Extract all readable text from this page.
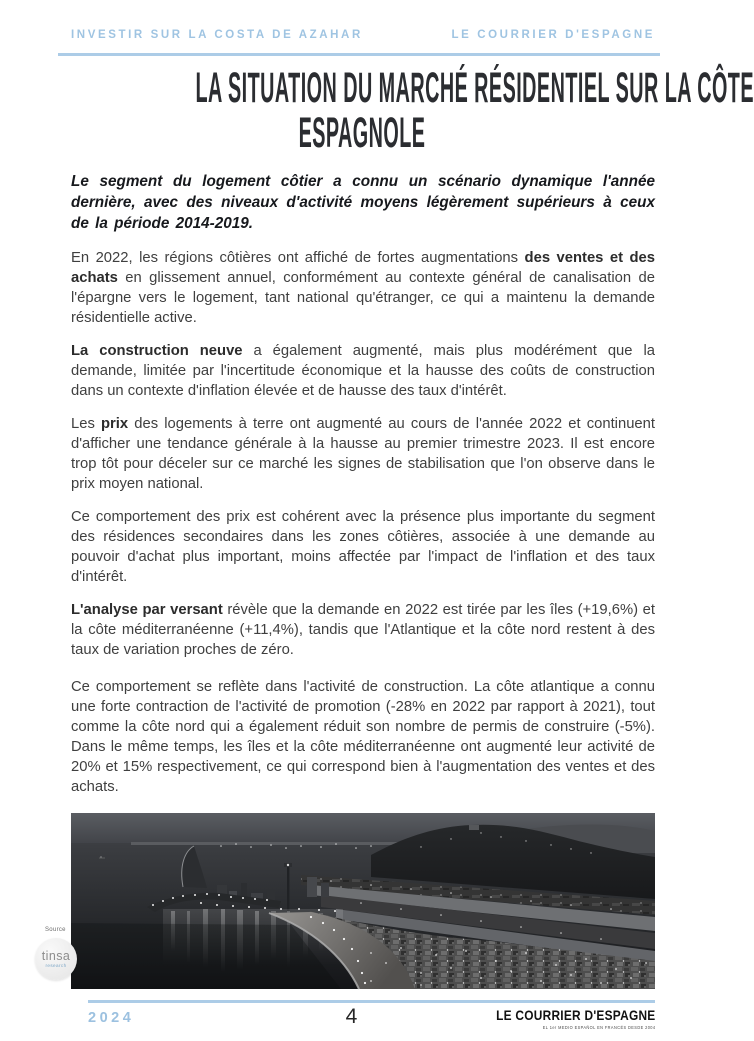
INVESTIR SUR LA COSTA DE AZAHAR	LE COURRIER D'ESPAGNE
LA SITUATION DU MARCHÉ RÉSIDENTIEL SUR LA CÔTE
ESPAGNOLE

Le segment du logement côtier a connu un scénario dynamique l'année dernière, avec des niveaux d'activité moyens légèrement supérieurs à ceux de la période 2014-2019.

En 2022, les régions côtières ont affiché de fortes augmentations des ventes et des achats en glissement annuel, conformément au contexte général de canalisation de l'épargne vers le logement, tant national qu'étranger, ce qui a maintenu la demande résidentielle active.

La construction neuve a également augmenté, mais plus modérément que la demande, limitée par l'incertitude économique et la hausse des coûts de construction dans un contexte d'inflation élevée et de hausse des taux d'intérêt.

Les prix des logements à terre ont augmenté au cours de l'année 2022 et continuent d'afficher une tendance générale à la hausse au premier trimestre 2023. Il est encore trop tôt pour déceler sur ce marché les signes de stabilisation que l'on observe dans le prix moyen national.

Ce comportement des prix est cohérent avec la présence plus importante du segment des résidences secondaires dans les zones côtières, associée à une demande au pouvoir d'achat plus important, moins affectée par l'impact de l'inflation et des taux d'intérêt.

L'analyse par versant révèle que la demande en 2022 est tirée par les îles (+19,6%) et la côte méditerranéenne (+11,4%), tandis que l'Atlantique et la côte nord restent à des taux de variation proches de zéro.

Ce comportement se reflète dans l'activité de construction. La côte atlantique a connu une forte contraction de l'activité de promotion (-28% en 2022 par rapport à 2021), tout comme la côte nord qui a également réduit son nombre de permis de construire (-5%). Dans le même temps, les îles et la côte méditerranéenne ont augmenté leur activité de 20% et 15% respectivement, ce qui correspond bien à l'augmentation des ventes et des achats.

2024	4	LE COURRIER D'ESPAGNE
EL 1er MEDIO ESPAÑOL EN FRANCÉS DESDE 2004
Source
tinsa
research
